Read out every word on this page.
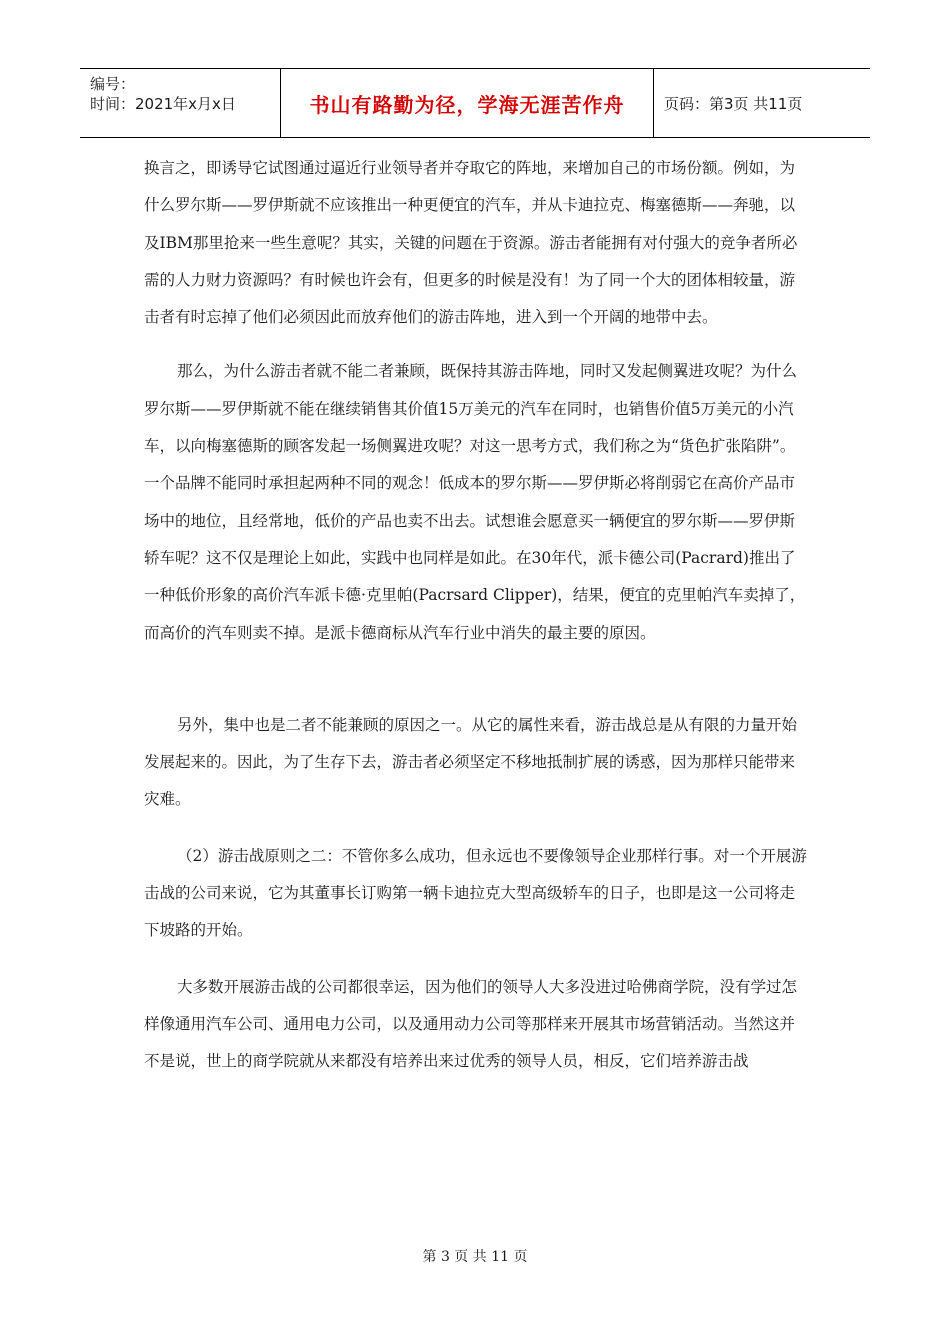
编号：
时间：2021年x月x日	书山有路勤为径，学海无涯苦作舟	页码：第3页 共11页

换言之，即诱导它试图通过逼近行业领导者并夺取它的阵地，来增加自己的市场份额。例如，为什么罗尔斯——罗伊斯就不应该推出一种更便宜的汽车，并从卡迪拉克、梅塞德斯——奔驰，以及IBM那里抢来一些生意呢？其实，关键的问题在于资源。游击者能拥有对付强大的竞争者所必需的人力财力资源吗？有时候也许会有，但更多的时候是没有！为了同一个大的团体相较量，游击者有时忘掉了他们必须因此而放弃他们的游击阵地，进入到一个开阔的地带中去。

那么，为什么游击者就不能二者兼顾，既保持其游击阵地，同时又发起侧翼进攻呢？为什么罗尔斯——罗伊斯就不能在继续销售其价值15万美元的汽车在同时，也销售价值5万美元的小汽车，以向梅塞德斯的顾客发起一场侧翼进攻呢？对这一思考方式，我们称之为“货色扩张陷阱”。一个品牌不能同时承担起两种不同的观念！低成本的罗尔斯——罗伊斯必将削弱它在高价产品市场中的地位，且经常地，低价的产品也卖不出去。试想谁会愿意买一辆便宜的罗尔斯——罗伊斯轿车呢？这不仅是理论上如此，实践中也同样是如此。在30年代，派卡德公司(Pacrard)推出了一种低价形象的高价汽车派卡德·克里帕(Pacrsard Clipper)，结果，便宜的克里帕汽车卖掉了，而高价的汽车则卖不掉。是派卡德商标从汽车行业中消失的最主要的原因。

另外，集中也是二者不能兼顾的原因之一。从它的属性来看，游击战总是从有限的力量开始发展起来的。因此，为了生存下去，游击者必须坚定不移地抵制扩展的诱惑，因为那样只能带来灾难。

（2）游击战原则之二：不管你多么成功，但永远也不要像领导企业那样行事。对一个开展游击战的公司来说，它为其董事长订购第一辆卡迪拉克大型高级轿车的日子，也即是这一公司将走下坡路的开始。

大多数开展游击战的公司都很幸运，因为他们的领导人大多没进过哈佛商学院，没有学过怎样像通用汽车公司、通用电力公司，以及通用动力公司等那样来开展其市场营销活动。当然这并不是说，世上的商学院就从来都没有培养出来过优秀的领导人员，相反，它们培养游击战

第 3 页 共 11 页
